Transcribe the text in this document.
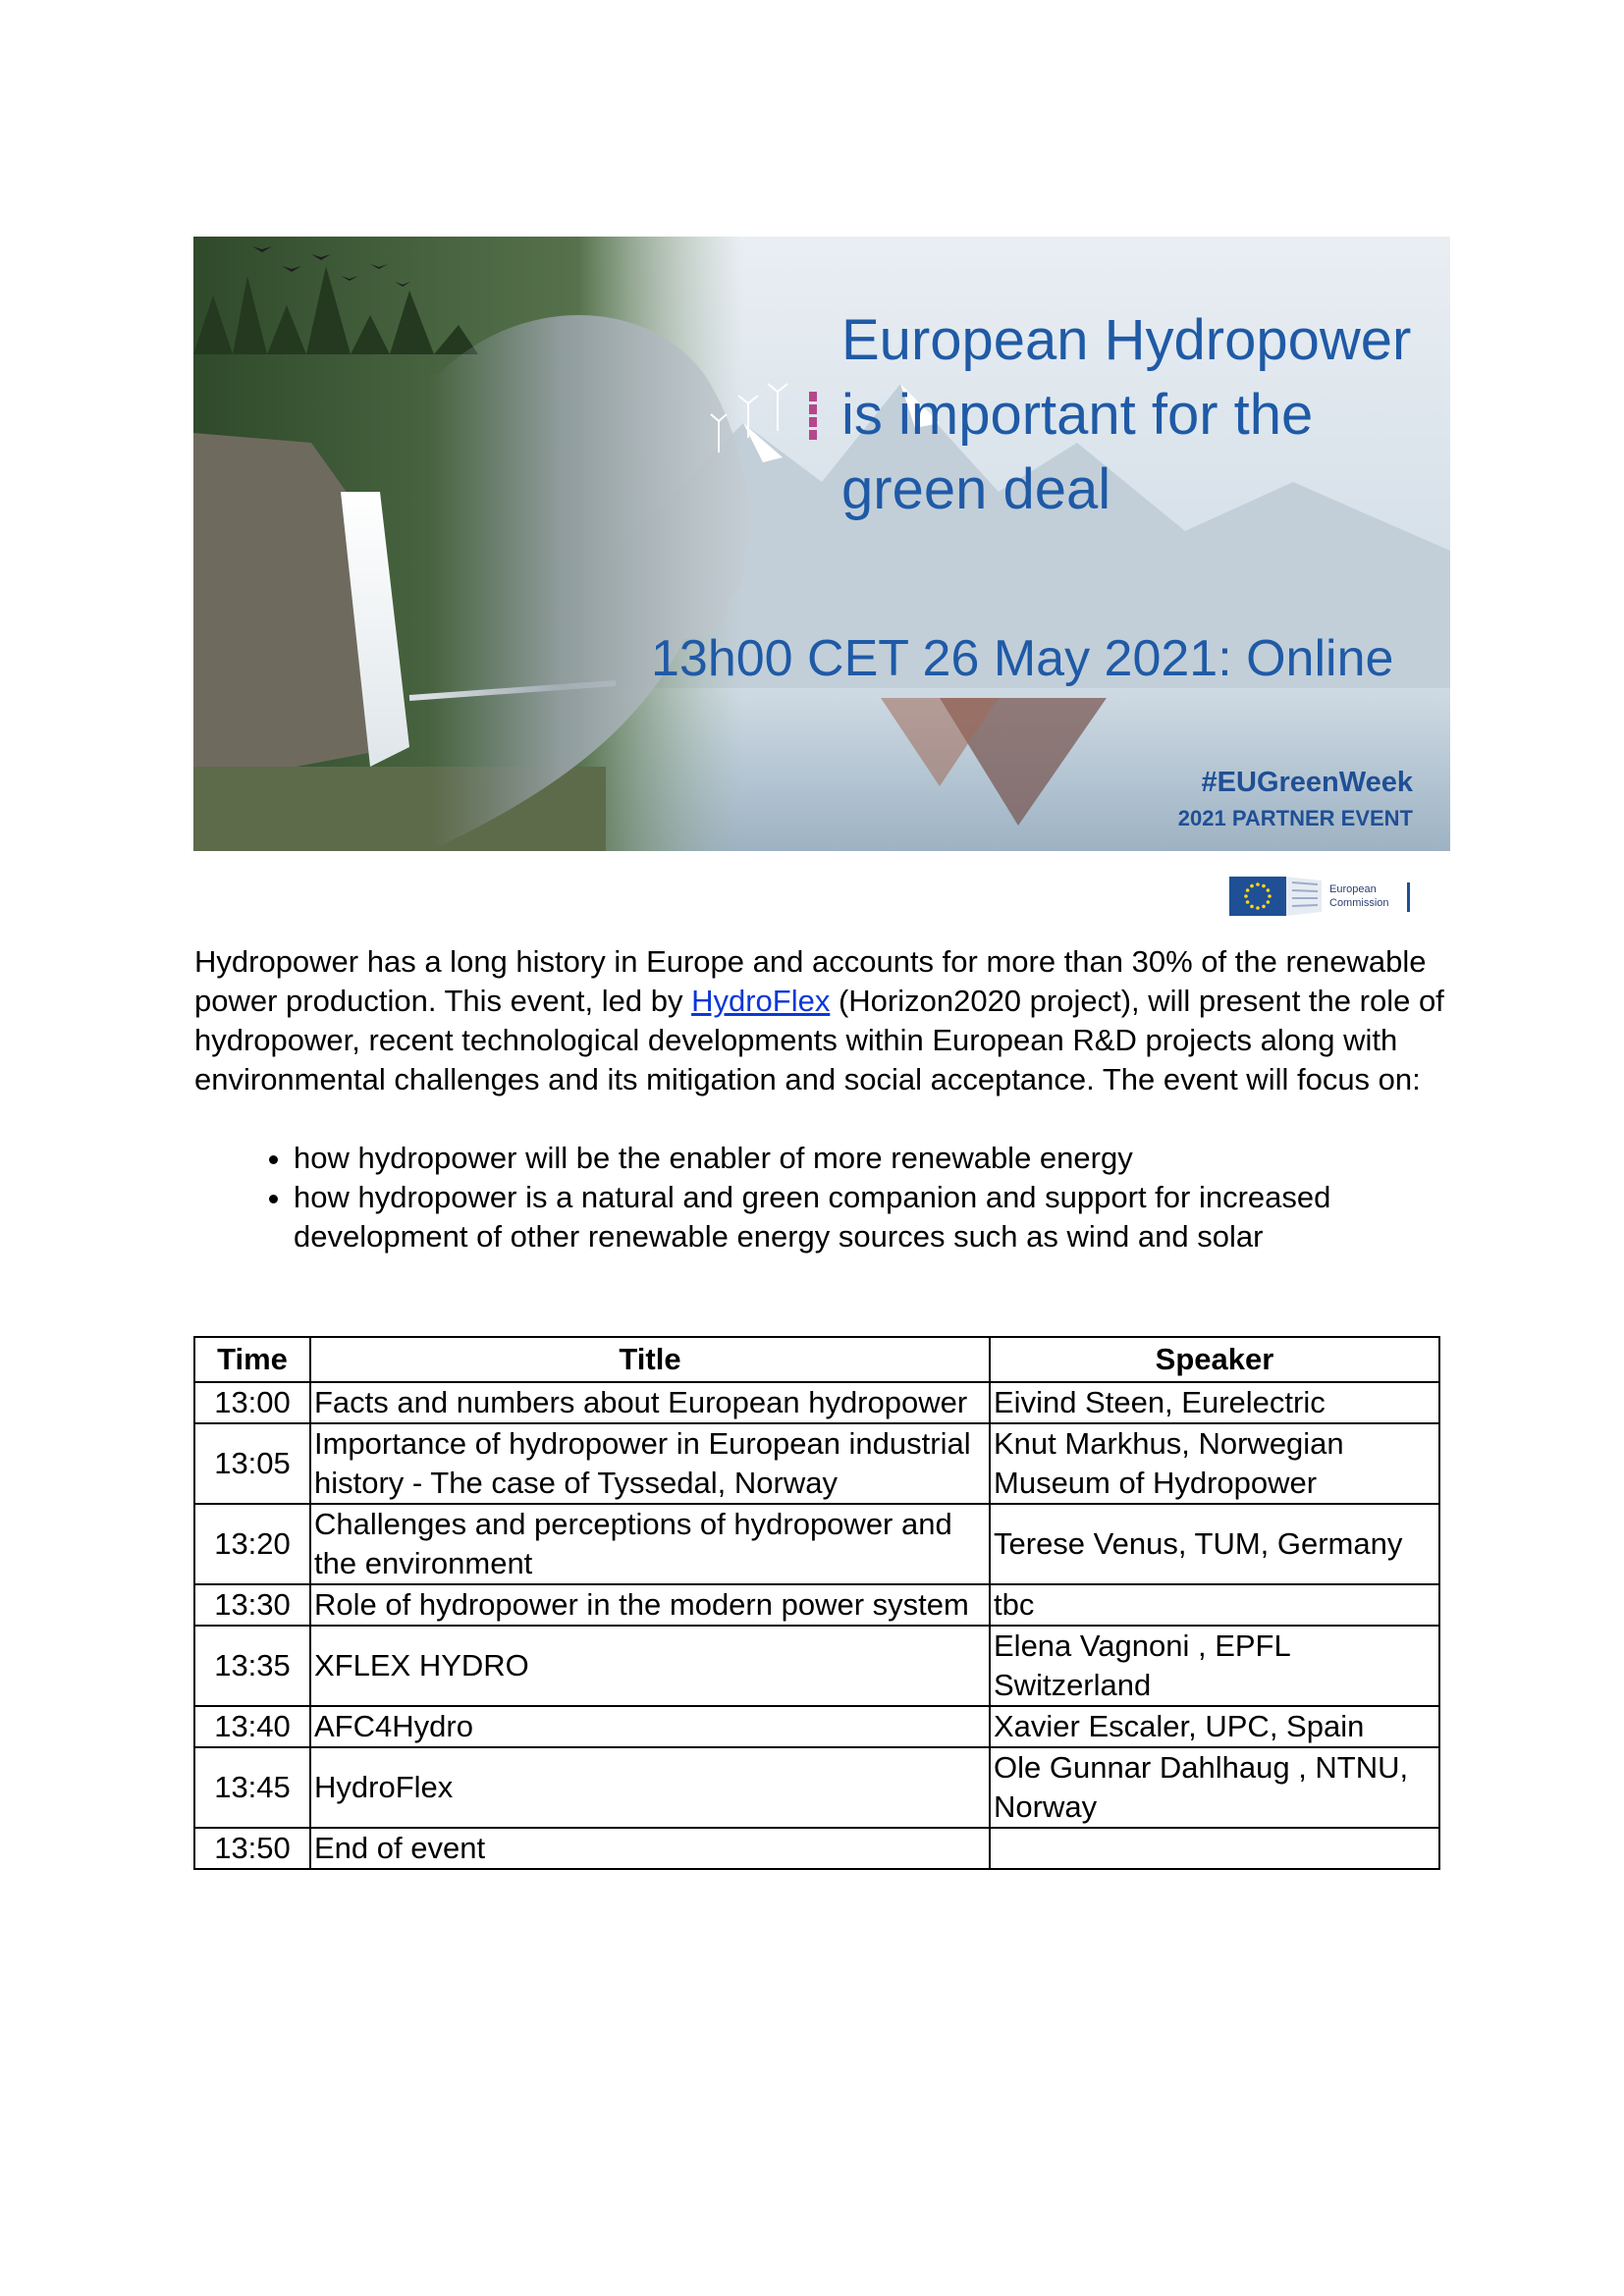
European Hydropower
is important for the
green deal
13h00 CET 26 May 2021: Online
#EUGreenWeek
2021 PARTNER EVENT
European
Commission

Hydropower has a long history in Europe and accounts for more than 30% of the renewable power production. This event, led by HydroFlex (Horizon2020 project), will present the role of hydropower, recent technological developments within European R&D projects along with environmental challenges and its mitigation and social acceptance. The event will focus on:

• how hydropower will be the enabler of more renewable energy
• how hydropower is a natural and green companion and support for increased development of other renewable energy sources such as wind and solar
Time	Title	Speaker
13:00	Facts and numbers about European hydropower	Eivind Steen, Eurelectric
13:05	Importance of hydropower in European industrial history - The case of Tyssedal, Norway	Knut Markhus, Norwegian Museum of Hydropower
13:20	Challenges and perceptions of hydropower and the environment	Terese Venus, TUM, Germany
13:30	Role of hydropower in the modern power system	tbc
13:35	XFLEX HYDRO	Elena Vagnoni , EPFL Switzerland
13:40	AFC4Hydro	Xavier Escaler, UPC, Spain
13:45	HydroFlex	Ole Gunnar Dahlhaug , NTNU, Norway
13:50	End of event	
